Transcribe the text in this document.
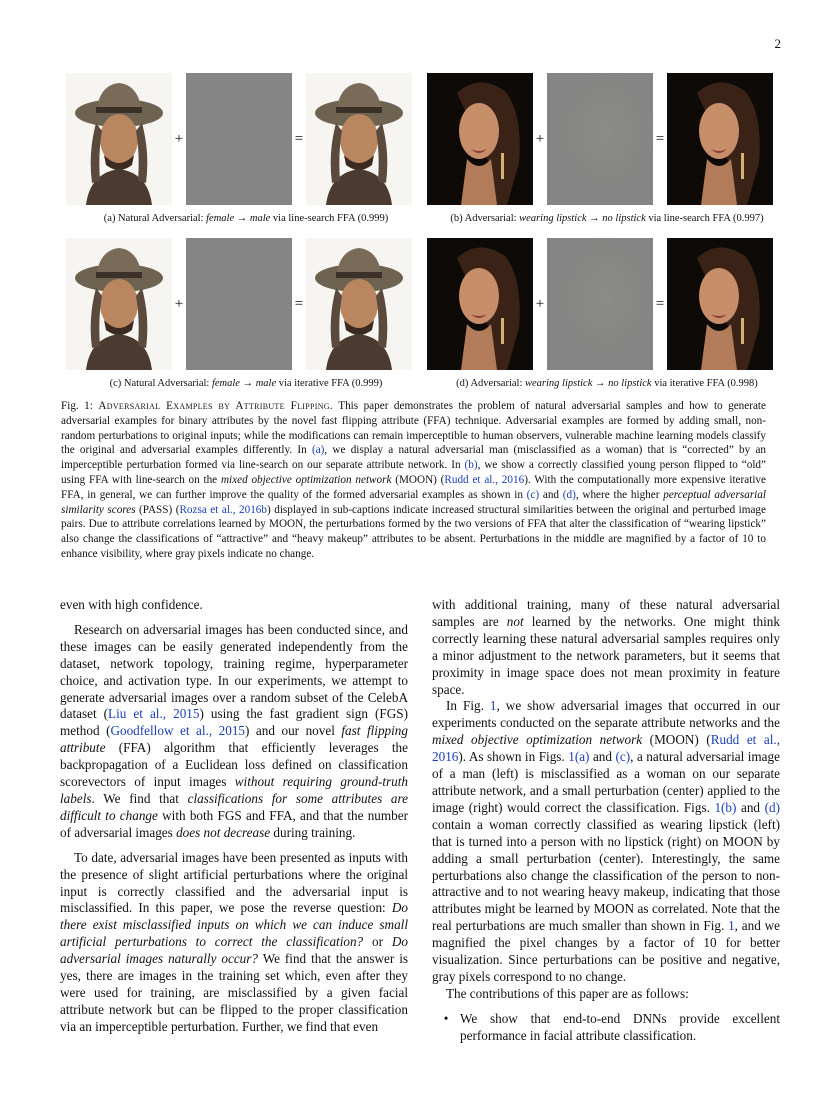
2
+	=
(a) Natural Adversarial: female → male via line-search FFA (0.999)
+	=
(b) Adversarial: wearing lipstick → no lipstick via line-search FFA (0.997)
+	=
(c) Natural Adversarial: female → male via iterative FFA (0.999)
+	=
(d) Adversarial: wearing lipstick → no lipstick via iterative FFA (0.998)
Fig. 1: Adversarial Examples by Attribute Flipping. This paper demonstrates the problem of natural adversarial samples and how to generate adversarial examples for binary attributes by the novel fast flipping attribute (FFA) technique. Adversarial examples are formed by adding small, non-random perturbations to original inputs; while the modifications can remain imperceptible to human observers, vulnerable machine learning models classify the original and adversarial examples differently. In (a), we display a natural adversarial man (misclassified as a woman) that is “corrected” by an imperceptible perturbation formed via line-search on our separate attribute network. In (b), we show a correctly classified young person flipped to “old” using FFA with line-search on the mixed objective optimization network (MOON) (Rudd et al., 2016). With the computationally more expensive iterative FFA, in general, we can further improve the quality of the formed adversarial examples as shown in (c) and (d), where the higher perceptual adversarial similarity scores (PASS) (Rozsa et al., 2016b) displayed in sub-captions indicate increased structural similarities between the original and perturbed image pairs. Due to attribute correlations learned by MOON, the perturbations formed by the two versions of FFA that alter the classification of “wearing lipstick” also change the classifications of “attractive” and “heavy makeup” attributes to be absent. Perturbations in the middle are magnified by a factor of 10 to enhance visibility, where gray pixels indicate no change.

even with high confidence.

Research on adversarial images has been conducted since, and these images can be easily generated independently from the dataset, network topology, training regime, hyperparameter choice, and activation type. In our experiments, we attempt to generate adversarial images over a random subset of the CelebA dataset (Liu et al., 2015) using the fast gradient sign (FGS) method (Goodfellow et al., 2015) and our novel fast flipping attribute (FFA) algorithm that efficiently leverages the backpropagation of a Euclidean loss defined on classification scorevectors of input images without requiring ground-truth labels. We find that classifications for some attributes are difficult to change with both FGS and FFA, and that the number of adversarial images does not decrease during training.

To date, adversarial images have been presented as inputs with the presence of slight artificial perturbations where the original input is correctly classified and the adversarial input is misclassified. In this paper, we pose the reverse question: Do there exist misclassified inputs on which we can induce small artificial perturbations to correct the classification? or Do adversarial images naturally occur? We find that the answer is yes, there are images in the training set which, even after they were used for training, are misclassified by a given facial attribute network but can be flipped to the proper classification via an imperceptible perturbation. Further, we find that even

with additional training, many of these natural adversarial samples are not learned by the networks. One might think correctly learning these natural adversarial samples requires only a minor adjustment to the network parameters, but it seems that proximity in image space does not mean proximity in feature space.

In Fig. 1, we show adversarial images that occurred in our experiments conducted on the separate attribute networks and the mixed objective optimization network (MOON) (Rudd et al., 2016). As shown in Figs. 1(a) and (c), a natural adversarial image of a man (left) is misclassified as a woman on our separate attribute network, and a small perturbation (center) applied to the image (right) would correct the classification. Figs. 1(b) and (d) contain a woman correctly classified as wearing lipstick (left) that is turned into a person with no lipstick (right) on MOON by adding a small perturbation (center). Interestingly, the same perturbations also change the classification of the person to non-attractive and to not wearing heavy makeup, indicating that those attributes might be learned by MOON as correlated. Note that the real perturbations are much smaller than shown in Fig. 1, and we magnified the pixel changes by a factor of 10 for better visualization. Since perturbations can be positive and negative, gray pixels correspond to no change.

The contributions of this paper are as follows:

• We show that end-to-end DNNs provide excellent performance in facial attribute classification.
